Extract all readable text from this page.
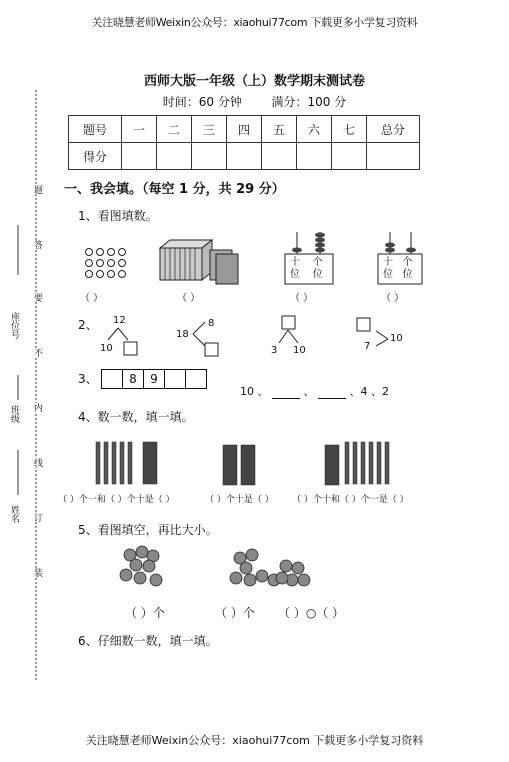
关注晓慧老师Weixin公众号：xiaohui77com 下载更多小学复习资料
西师大版一年级（上）数学期末测试卷
时间：60 分钟 满分：100 分
题号	一	二	三	四	五	六	七	总分
得分								
一、我会填。（每空 1 分，共 29 分）
姓名
班级
座位号
题
答
要
不
内
线
订
装
1、看图填数。
十 个
位 位
十 个
位 位
（ ）	（ ）	（ ）	（ ）
2、 12
10
8
18
3 10	7
10
3、	8	9
10 、	、	、4 、2
4、数一数，填一填。
（ ）个一和（ ）个十是（ ）	（ ）个十是（ ） （ ）个十和（ ）个一是（ ）
5、看图填空，再比大小。
（ ）个	（ ）个 （ ）○（ ）
6、仔细数一数，填一填。
关注晓慧老师Weixin公众号：xiaohui77com 下载更多小学复习资料
